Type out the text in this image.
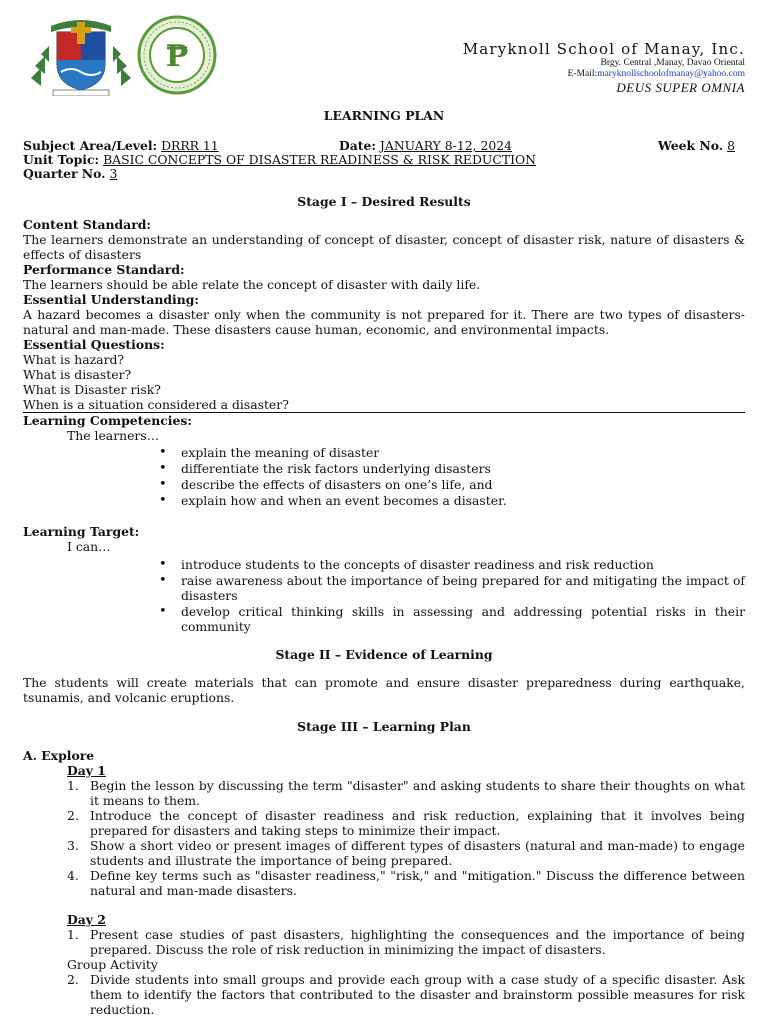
P	Maryknoll School of Manay, Inc.
Brgy. Central ,Manay, Davao Oriental
E-Mail:maryknollschoolofmanay@yahoo.com
DEUS SUPER OMNIA
LEARNING PLAN
Subject Area/Level: DRRR 11	Date: JANUARY 8-12, 2024	Week No. 8
Unit Topic: BASIC CONCEPTS OF DISASTER READINESS & RISK REDUCTION
Quarter No. 3
Stage I – Desired Results
Content Standard:
The learners demonstrate an understanding of concept of disaster, concept of disaster risk, nature of disasters & effects of disasters
Performance Standard:
The learners should be able relate the concept of disaster with daily life.
Essential Understanding:
A hazard becomes a disaster only when the community is not prepared for it. There are two types of disasters-natural and man-made. These disasters cause human, economic, and environmental impacts.
Essential Questions:
What is hazard?
What is disaster?
What is Disaster risk?
When is a situation considered a disaster?
Learning Competencies:
The learners…
• explain the meaning of disaster
• differentiate the risk factors underlying disasters
• describe the effects of disasters on one’s life, and
• explain how and when an event becomes a disaster.
Learning Target:
I can…
• introduce students to the concepts of disaster readiness and risk reduction
• raise awareness about the importance of being prepared for and mitigating the impact of disasters
• develop critical thinking skills in assessing and addressing potential risks in their community
Stage II – Evidence of Learning
The students will create materials that can promote and ensure disaster preparedness during earthquake, tsunamis, and volcanic eruptions.
Stage III – Learning Plan
A. Explore
Day 1
1. Begin the lesson by discussing the term "disaster" and asking students to share their thoughts on what it means to them.
2. Introduce the concept of disaster readiness and risk reduction, explaining that it involves being prepared for disasters and taking steps to minimize their impact.
3. Show a short video or present images of different types of disasters (natural and man-made) to engage students and illustrate the importance of being prepared.
4. Define key terms such as "disaster readiness," "risk," and "mitigation." Discuss the difference between natural and man-made disasters.
Day 2
1. Present case studies of past disasters, highlighting the consequences and the importance of being prepared. Discuss the role of risk reduction in minimizing the impact of disasters.
Group Activity
2. Divide students into small groups and provide each group with a case study of a specific disaster. Ask them to identify the factors that contributed to the disaster and brainstorm possible measures for risk reduction.
